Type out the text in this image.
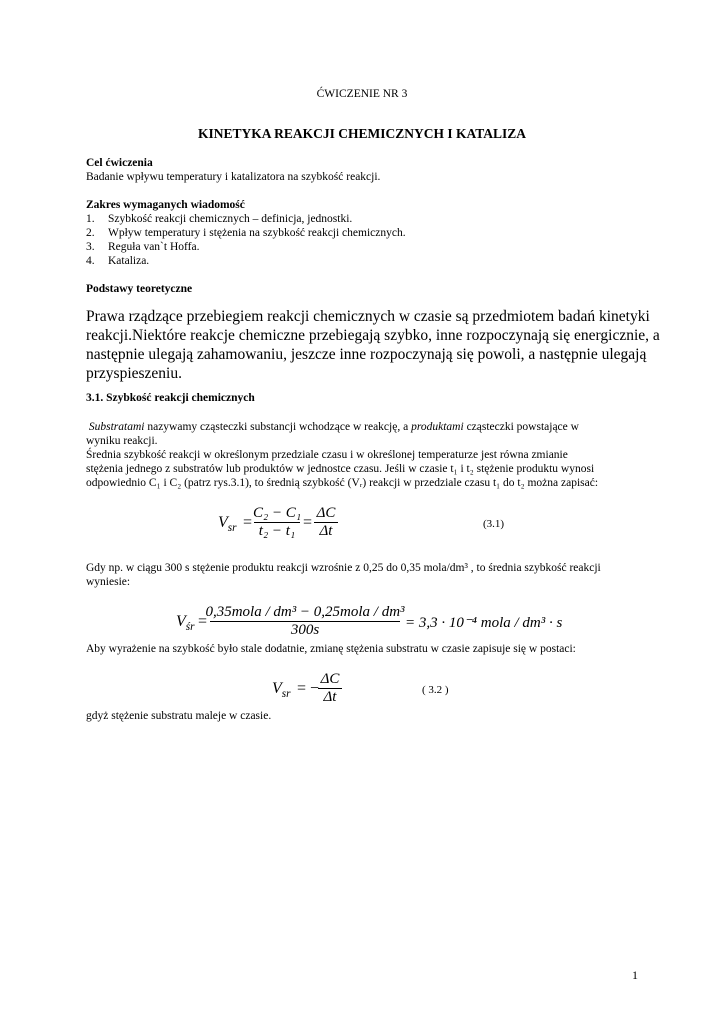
ĆWICZENIE NR 3
KINETYKA REAKCJI CHEMICZNYCH I KATALIZA
Cel ćwiczenia
Badanie wpływu temperatury i katalizatora na szybkość reakcji.
Zakres wymaganych wiadomość
1. Szybkość reakcji chemicznych – definicja, jednostki.
2. Wpływ temperatury i stężenia na szybkość reakcji chemicznych.
3. Reguła van`t Hoffa.
4. Kataliza.
Podstawy teoretyczne
Prawa rządzące przebiegiem reakcji chemicznych w czasie są przedmiotem badań kinetyki
reakcji.Niektóre reakcje chemiczne przebiegają szybko, inne rozpoczynają się energicznie, a
następnie ulegają zahamowaniu, jeszcze inne rozpoczynają się powoli, a następnie ulegają
przyspieszeniu.
3.1. Szybkość reakcji chemicznych
Substratami nazywamy cząsteczki substancji wchodzące w reakcję, a produktami cząsteczki powstające w
wyniku reakcji.
Średnia szybkość reakcji w określonym przedziale czasu i w określonej temperaturze jest równa zmianie
stężenia jednego z substratów lub produktów w jednostce czasu. Jeśli w czasie t₁ i t₂ stężenie produktu wynosi
odpowiednio C₁ i C₂ (patrz rys.3.1), to średnią szybkość (Vᵣ) reakcji w przedziale czasu t₁ do t₂ można zapisać:
$V_{sr}$ =
C₂ − C₁
t₂ − t₁ =
ΔC
Δt	(3.1)
Gdy np. w ciągu 300 s stężenie produktu reakcji wzrośnie z 0,25 do 0,35 mola/dm³ , to średnia szybkość reakcji
wyniesie:
$V_{śr}$ =
0,35mola / dm³ − 0,25mola / dm³
300s	= 3,3 · 10⁻⁴ mola / dm³ · s
Aby wyrażenie na szybkość było stale dodatnie, zmianę stężenia substratu w czasie zapisuje się w postaci:
$V_{sr}$ = −
ΔC
Δt	( 3.2 )
gdyż stężenie substratu maleje w czasie.
1
